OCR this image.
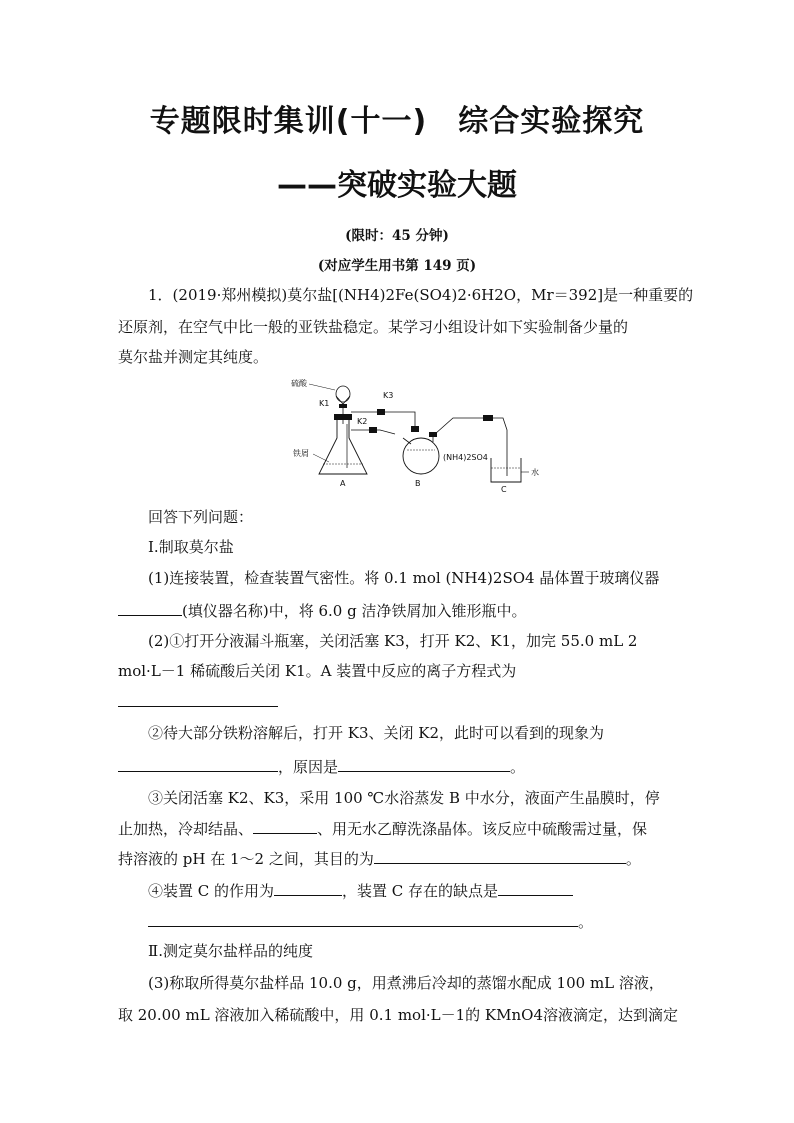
专题限时集训(十一)　综合实验探究
——突破实验大题
(限时：45 分钟)
(对应学生用书第 149 页)
1．(2019·郑州模拟)莫尔盐[(NH4)2Fe(SO4)2·6H2O，Mr＝392]是一种重要的
还原剂，在空气中比一般的亚铁盐稳定。某学习小组设计如下实验制备少量的
莫尔盐并测定其纯度。
硫酸
K1
K3
K2
铁屑	(NH4)2SO4
水
A	B
C
回答下列问题：
Ⅰ.制取莫尔盐
(1)连接装置，检查装置气密性。将 0.1 mol (NH4)2SO4 晶体置于玻璃仪器
(填仪器名称)中，将 6.0 g 洁净铁屑加入锥形瓶中。
(2)①打开分液漏斗瓶塞，关闭活塞 K3，打开 K2、K1，加完 55.0 mL 2
mol·L－1 稀硫酸后关闭 K1。A 装置中反应的离子方程式为
②待大部分铁粉溶解后，打开 K3、关闭 K2，此时可以看到的现象为
，原因是	。
③关闭活塞 K2、K3，采用 100 ℃水浴蒸发 B 中水分，液面产生晶膜时，停
止加热，冷却结晶、	、用无水乙醇洗涤晶体。该反应中硫酸需过量，保
持溶液的 pH 在 1～2 之间，其目的为	。
④装置 C 的作用为	，装置 C 存在的缺点是
。
Ⅱ.测定莫尔盐样品的纯度
(3)称取所得莫尔盐样品 10.0 g，用煮沸后冷却的蒸馏水配成 100 mL 溶液，
取 20.00 mL 溶液加入稀硫酸中，用 0.1 mol·L－1的 KMnO4溶液滴定，达到滴定
